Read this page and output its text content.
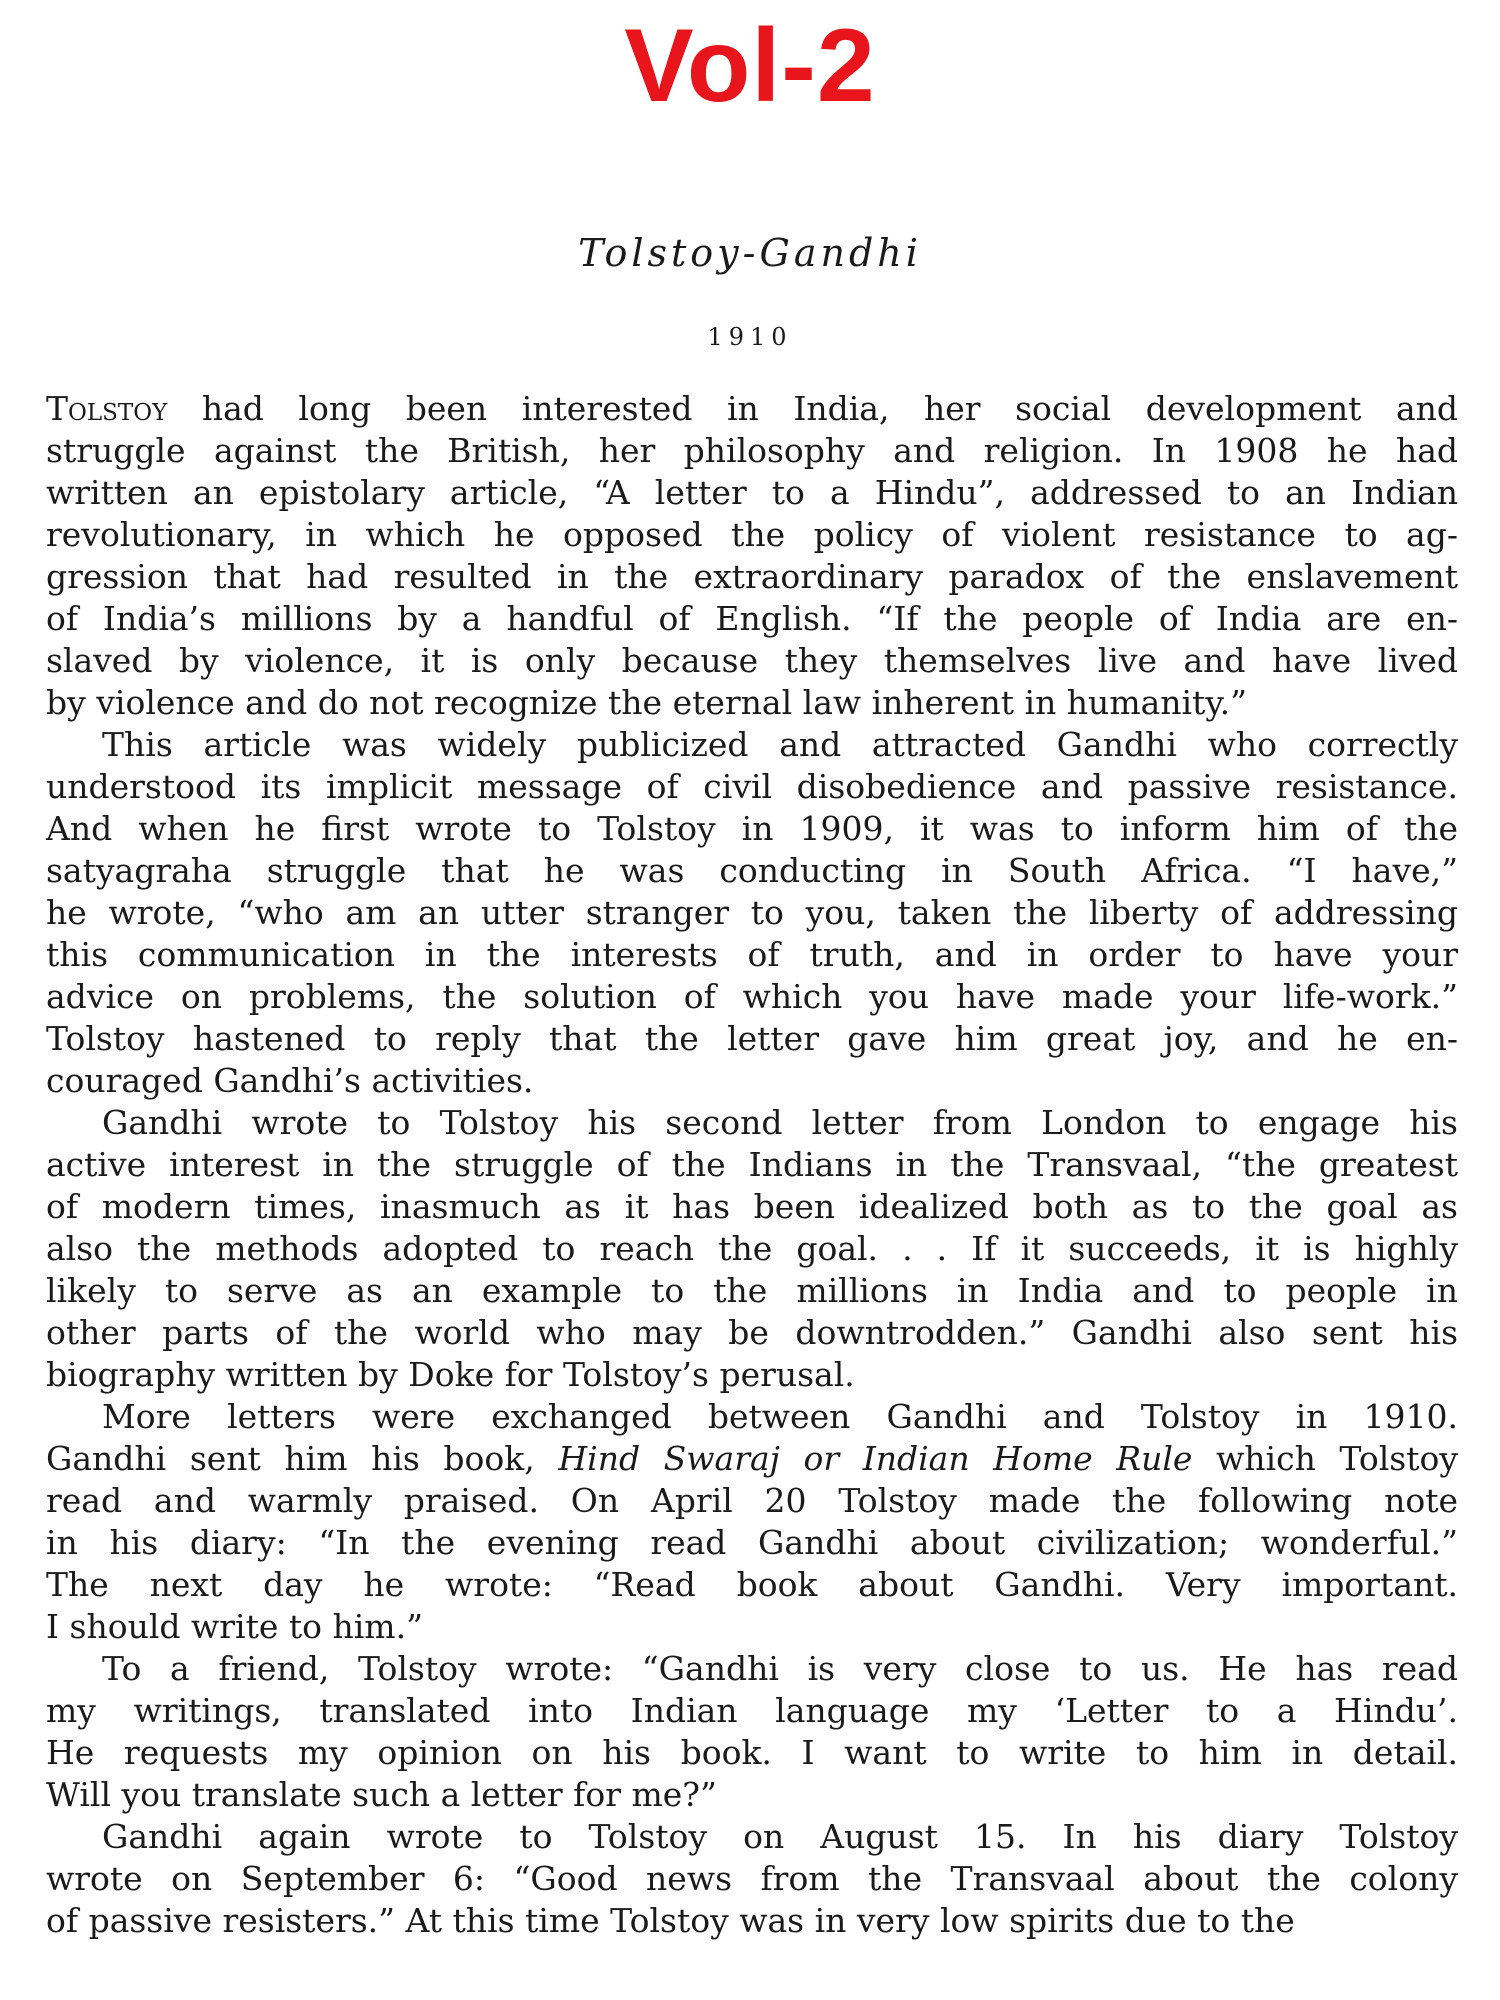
Vol-2
Tolstoy-Gandhi
1910
Tolstoy had long been interested in India, her social development and
struggle against the British, her philosophy and religion. In 1908 he had
written an epistolary article, “A letter to a Hindu”, addressed to an Indian
revolutionary, in which he opposed the policy of violent resistance to ag-
gression that had resulted in the extraordinary paradox of the enslavement
of India’s millions by a handful of English. “If the people of India are en-
slaved by violence, it is only because they themselves live and have lived
by violence and do not recognize the eternal law inherent in humanity.”
This article was widely publicized and attracted Gandhi who correctly
understood its implicit message of civil disobedience and passive resistance.
And when he first wrote to Tolstoy in 1909, it was to inform him of the
satyagraha struggle that he was conducting in South Africa. “I have,”
he wrote, “who am an utter stranger to you, taken the liberty of addressing
this communication in the interests of truth, and in order to have your
advice on problems, the solution of which you have made your life-work.”
Tolstoy hastened to reply that the letter gave him great joy, and he en-
couraged Gandhi’s activities.
Gandhi wrote to Tolstoy his second letter from London to engage his
active interest in the struggle of the Indians in the Transvaal, “the greatest
of modern times, inasmuch as it has been idealized both as to the goal as
also the methods adopted to reach the goal. . . If it succeeds, it is highly
likely to serve as an example to the millions in India and to people in
other parts of the world who may be downtrodden.” Gandhi also sent his
biography written by Doke for Tolstoy’s perusal.
More letters were exchanged between Gandhi and Tolstoy in 1910.
Gandhi sent him his book, Hind Swaraj or Indian Home Rule which Tolstoy
read and warmly praised. On April 20 Tolstoy made the following note
in his diary: “In the evening read Gandhi about civilization; wonderful.”
The next day he wrote: “Read book about Gandhi. Very important.
I should write to him.”
To a friend, Tolstoy wrote: “Gandhi is very close to us. He has read
my writings, translated into Indian language my ‘Letter to a Hindu’.
He requests my opinion on his book. I want to write to him in detail.
Will you translate such a letter for me?”
Gandhi again wrote to Tolstoy on August 15. In his diary Tolstoy
wrote on September 6: “Good news from the Transvaal about the colony
of passive resisters.” At this time Tolstoy was in very low spirits due to the
